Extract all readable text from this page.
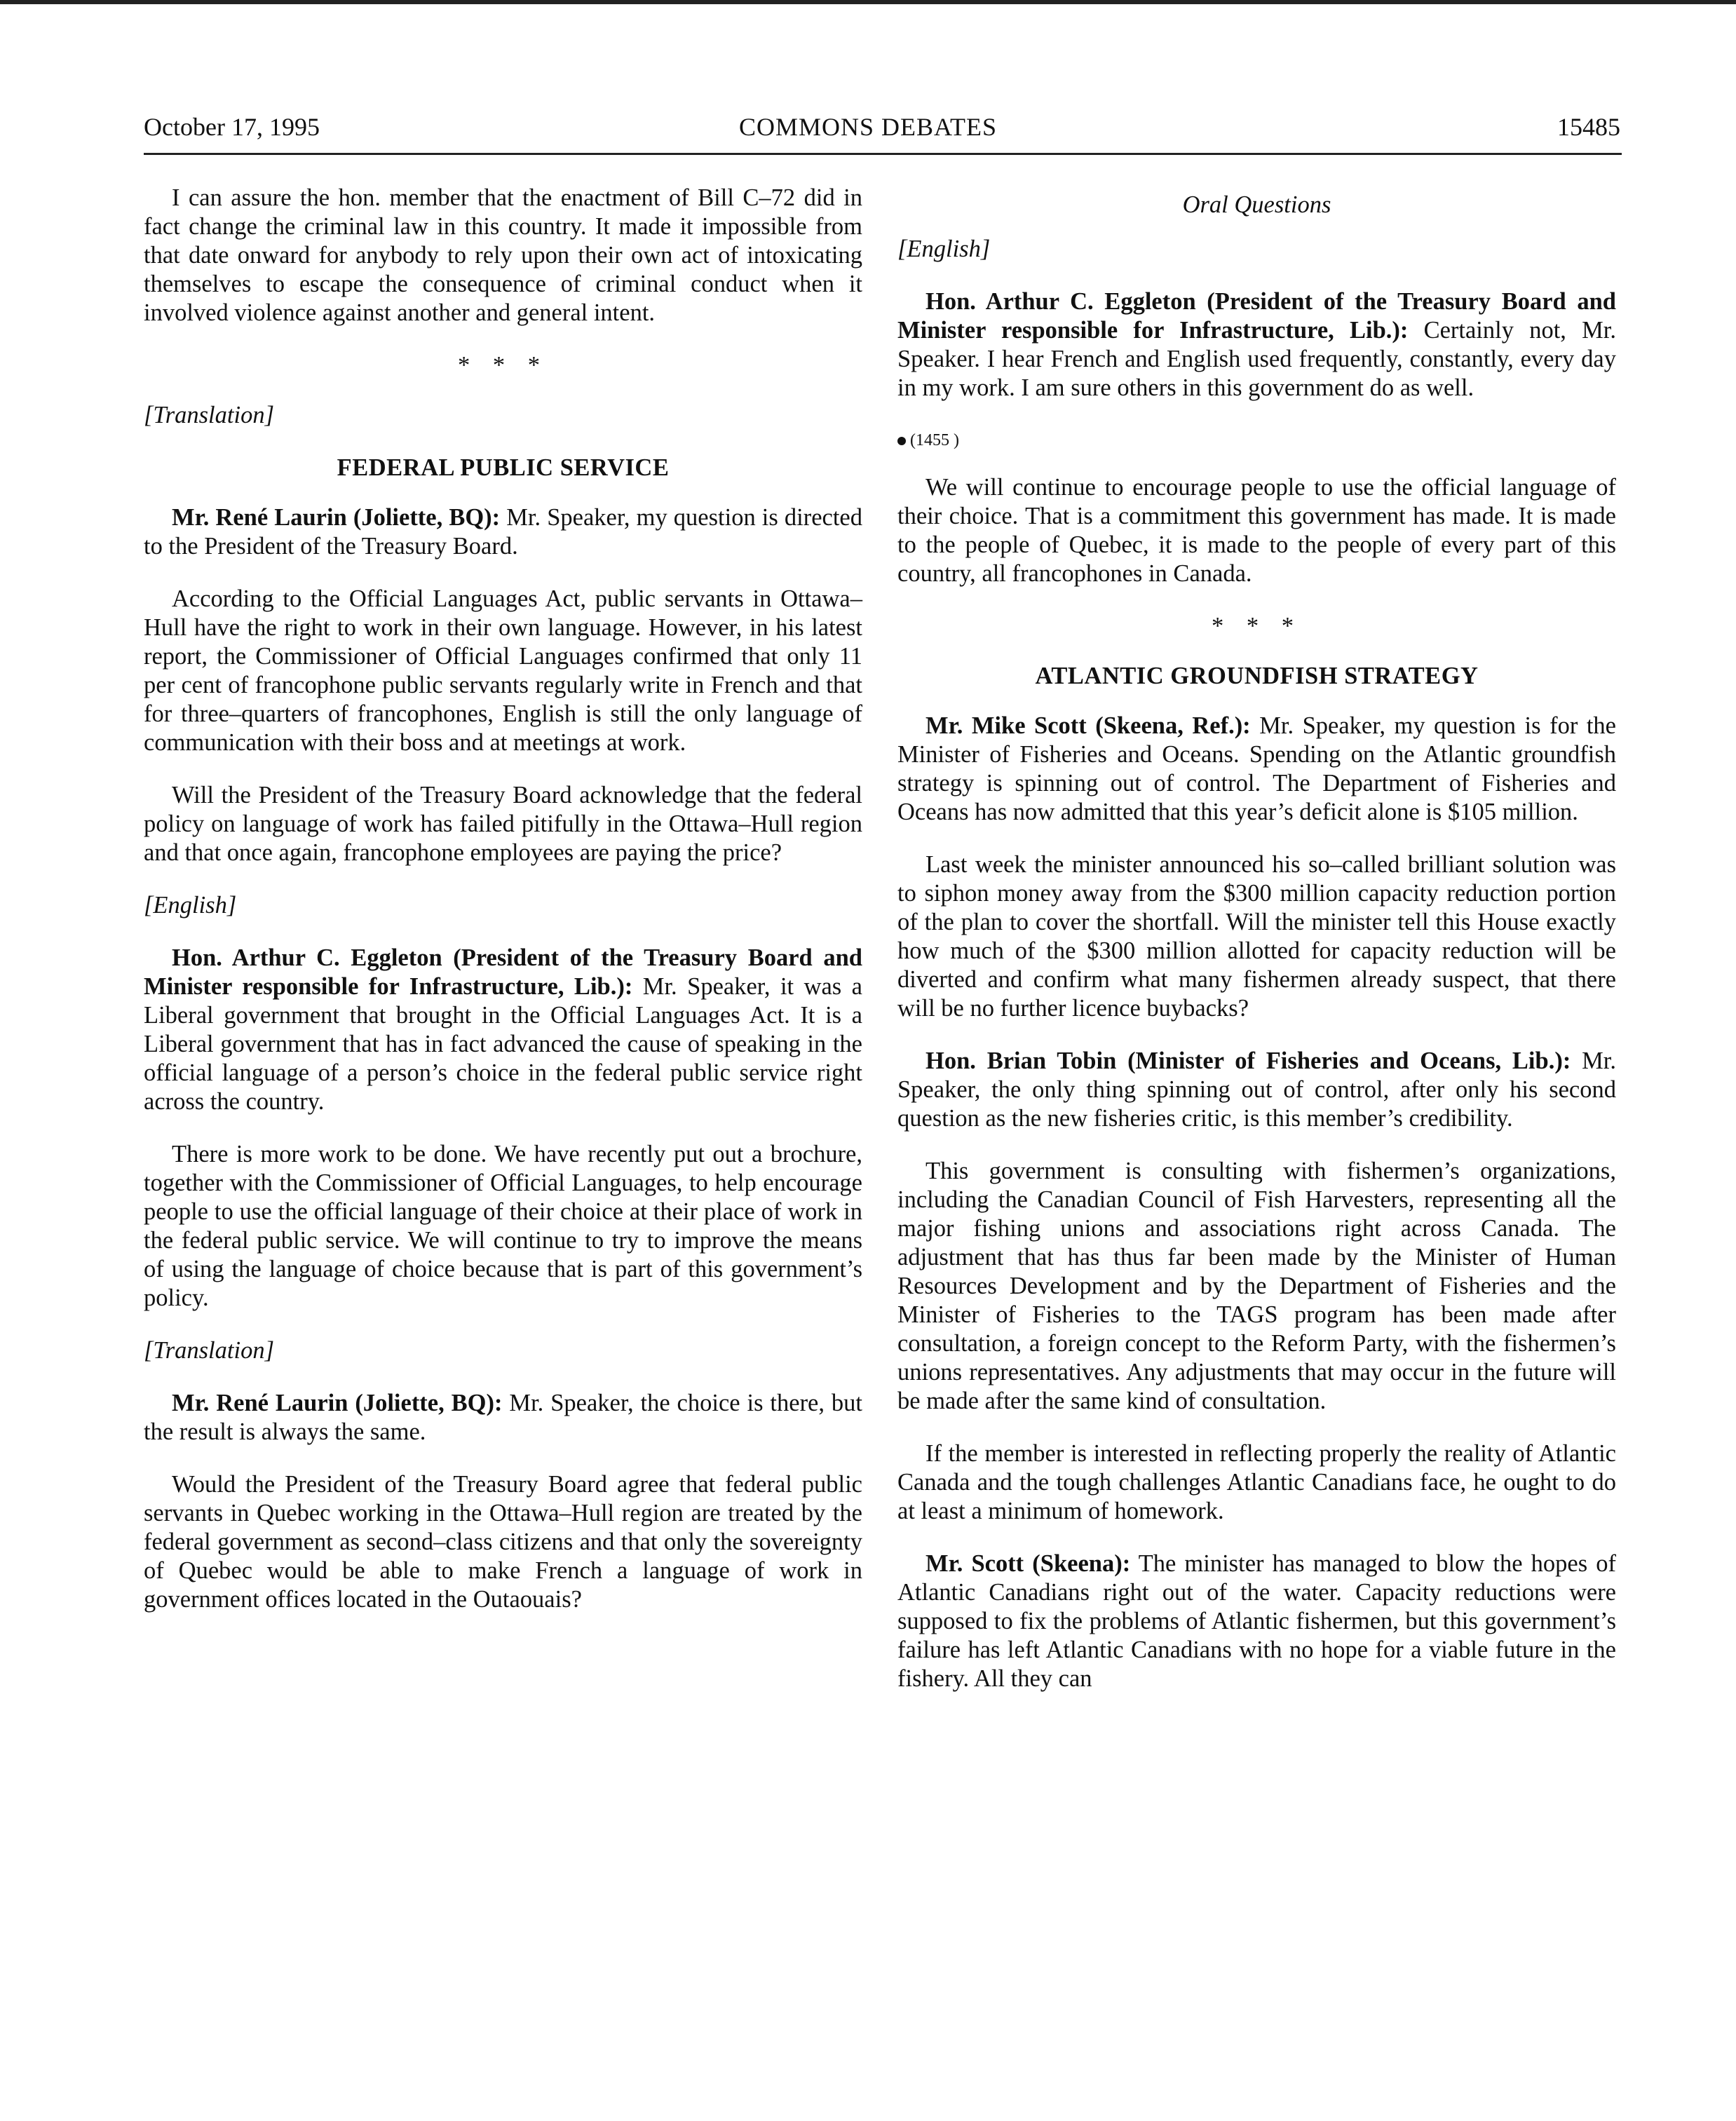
COMMONS DEBATES
October 17, 1995	15485

I can assure the hon. member that the enactment of Bill C–72 did in fact change the criminal law in this country. It made it impossible from that date onward for anybody to rely upon their own act of intoxicating themselves to escape the consequence of criminal conduct when it involved violence against another and general intent.

* * *

[Translation]

FEDERAL PUBLIC SERVICE

Mr. René Laurin (Joliette, BQ): Mr. Speaker, my question is directed to the President of the Treasury Board.

According to the Official Languages Act, public servants in Ottawa–Hull have the right to work in their own language. However, in his latest report, the Commissioner of Official Languages confirmed that only 11 per cent of francophone public servants regularly write in French and that for three–quarters of francophones, English is still the only language of communication with their boss and at meetings at work.

Will the President of the Treasury Board acknowledge that the federal policy on language of work has failed pitifully in the Ottawa–Hull region and that once again, francophone employees are paying the price?

[English]

Hon. Arthur C. Eggleton (President of the Treasury Board and Minister responsible for Infrastructure, Lib.): Mr. Speaker, it was a Liberal government that brought in the Official Languages Act. It is a Liberal government that has in fact advanced the cause of speaking in the official language of a person’s choice in the federal public service right across the country.

There is more work to be done. We have recently put out a brochure, together with the Commissioner of Official Languages, to help encourage people to use the official language of their choice at their place of work in the federal public service. We will continue to try to improve the means of using the language of choice because that is part of this government’s policy.

[Translation]

Mr. René Laurin (Joliette, BQ): Mr. Speaker, the choice is there, but the result is always the same.

Would the President of the Treasury Board agree that federal public servants in Quebec working in the Ottawa–Hull region are treated by the federal government as second–class citizens and that only the sovereignty of Quebec would be able to make French a language of work in government offices located in the Outaouais?

Oral Questions

[English]

Hon. Arthur C. Eggleton (President of the Treasury Board and Minister responsible for Infrastructure, Lib.): Certainly not, Mr. Speaker. I hear French and English used frequently, constantly, every day in my work. I am sure others in this government do as well.

(1455 )

We will continue to encourage people to use the official language of their choice. That is a commitment this government has made. It is made to the people of Quebec, it is made to the people of every part of this country, all francophones in Canada.

* * *

ATLANTIC GROUNDFISH STRATEGY

Mr. Mike Scott (Skeena, Ref.): Mr. Speaker, my question is for the Minister of Fisheries and Oceans. Spending on the Atlantic groundfish strategy is spinning out of control. The Department of Fisheries and Oceans has now admitted that this year’s deficit alone is $105 million.

Last week the minister announced his so–called brilliant solution was to siphon money away from the $300 million capacity reduction portion of the plan to cover the shortfall. Will the minister tell this House exactly how much of the $300 million allotted for capacity reduction will be diverted and confirm what many fishermen already suspect, that there will be no further licence buybacks?

Hon. Brian Tobin (Minister of Fisheries and Oceans, Lib.): Mr. Speaker, the only thing spinning out of control, after only his second question as the new fisheries critic, is this member’s credibility.

This government is consulting with fishermen’s organizations, including the Canadian Council of Fish Harvesters, representing all the major fishing unions and associations right across Canada. The adjustment that has thus far been made by the Minister of Human Resources Development and by the Department of Fisheries and the Minister of Fisheries to the TAGS program has been made after consultation, a foreign concept to the Reform Party, with the fishermen’s unions representatives. Any adjustments that may occur in the future will be made after the same kind of consultation.

If the member is interested in reflecting properly the reality of Atlantic Canada and the tough challenges Atlantic Canadians face, he ought to do at least a minimum of homework.

Mr. Scott (Skeena): The minister has managed to blow the hopes of Atlantic Canadians right out of the water. Capacity reductions were supposed to fix the problems of Atlantic fishermen, but this government’s failure has left Atlantic Canadians with no hope for a viable future in the fishery. All they can
